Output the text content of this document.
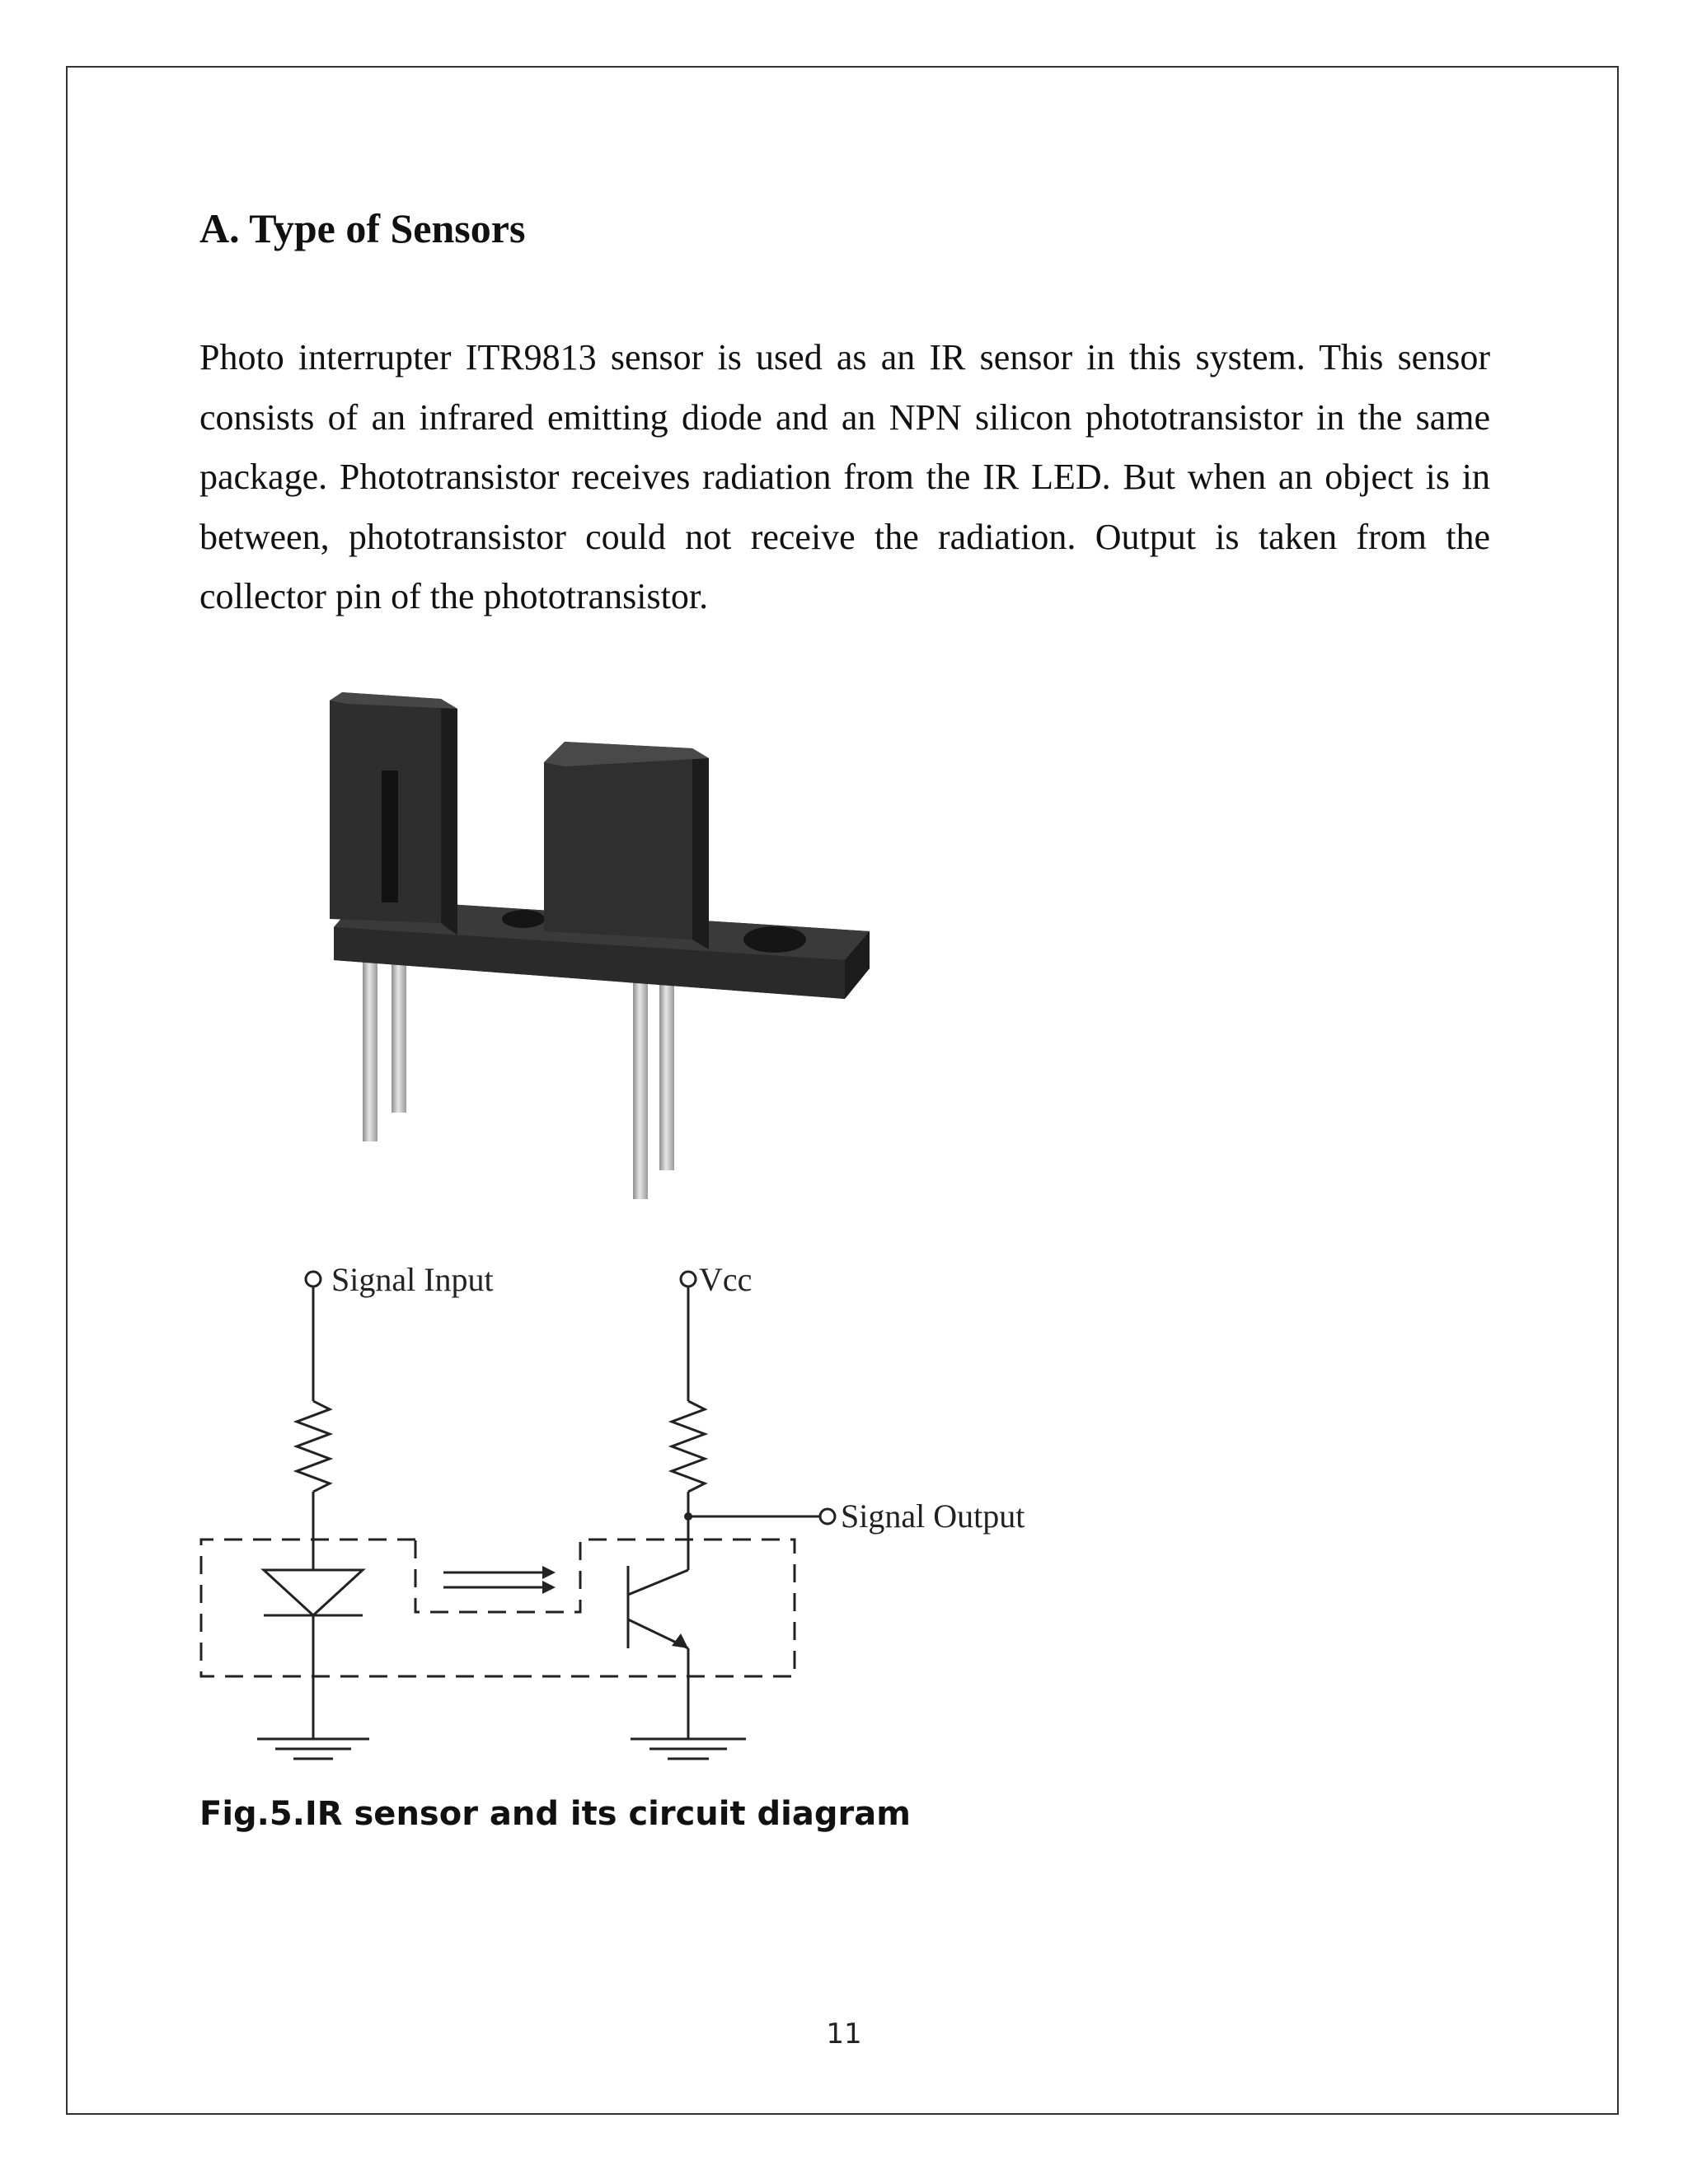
A. Type of Sensors

Photo interrupter ITR9813 sensor is used as an IR sensor in this system. This sensor consists of an infrared emitting diode and an NPN silicon phototransistor in the same package. Phototransistor receives radiation from the IR LED. But when an object is in between, phototransistor could not receive the radiation. Output is taken from the collector pin of the phototransistor.

Signal Input	Vcc
Signal Output

Fig.5.IR sensor and its circuit diagram

11
